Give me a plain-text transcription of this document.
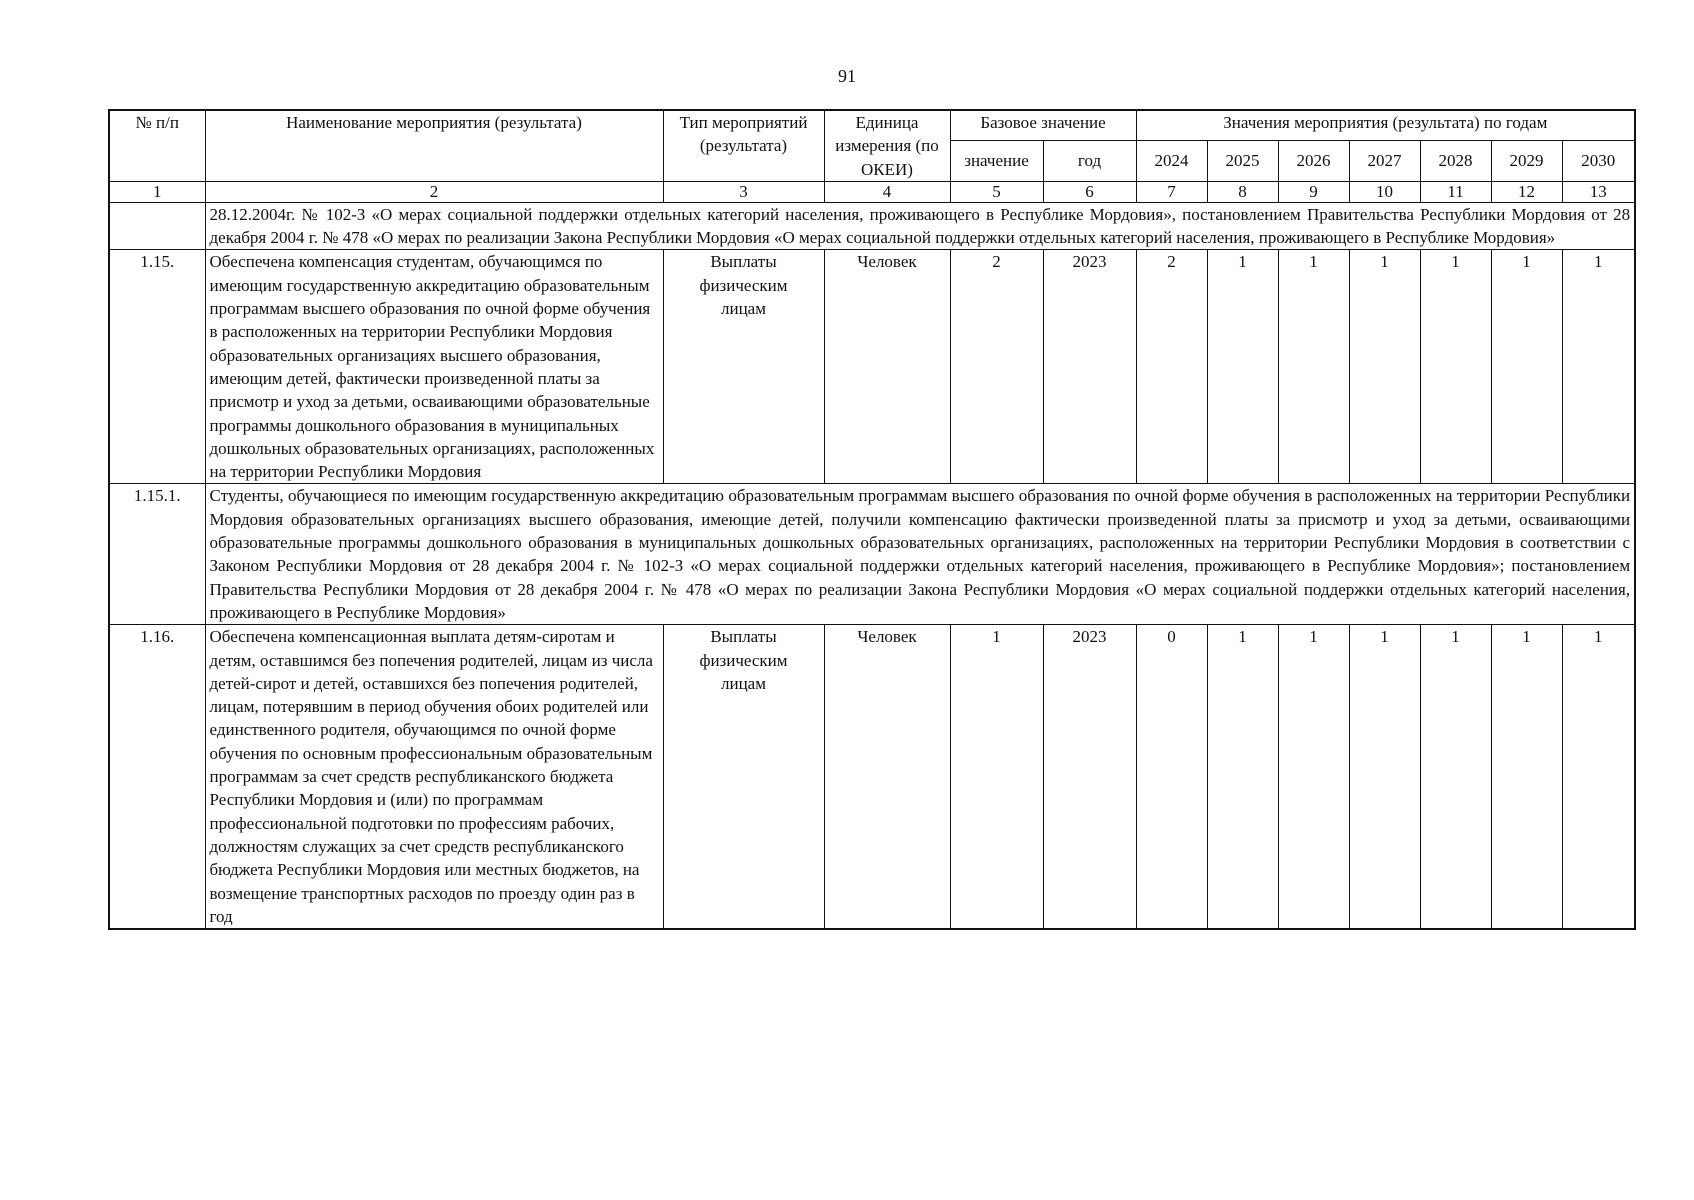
91
№ п/п	Наименование мероприятия (результата)	Тип мероприятий (результата)	Единица измерения (по ОКЕИ)	Базовое значение		Значения мероприятия (результата) по годам						
				значение	год	2024	2025	2026	2027	2028	2029	2030
1	2	3	4	5	6	7	8	9	10	11	12	13
	28.12.2004г. № 102-З «О мерах социальной поддержки отдельных категорий населения, проживающего в Республике Мордовия», постановлением Правительства Республики Мордовия от 28 декабря 2004 г. № 478 «О мерах по реализации Закона Республики Мордовия «О мерах социальной поддержки отдельных категорий населения, проживающего в Республике Мордовия»											
1.15.	Обеспечена компенсация студентам, обучающимся по имеющим государственную аккредитацию образовательным программам высшего образования по очной форме обучения в расположенных на территории Республики Мордовия образовательных организациях высшего образования, имеющим детей, фактически произведенной платы за присмотр и уход за детьми, осваивающими образовательные программы дошкольного образования в муниципальных дошкольных образовательных организациях, расположенных на территории Республики Мордовия	Выплаты физическим лицам	Человек	2	2023	2	1	1	1	1	1	1
1.15.1.	Студенты, обучающиеся по имеющим государственную аккредитацию образовательным программам высшего образования по очной форме обучения в расположенных на территории Республики Мордовия образовательных организациях высшего образования, имеющие детей, получили компенсацию фактически произведенной платы за присмотр и уход за детьми, осваивающими образовательные программы дошкольного образования в муниципальных дошкольных образовательных организациях, расположенных на территории Республики Мордовия в соответствии с Законом Республики Мордовия от 28 декабря 2004 г. № 102-З «О мерах социальной поддержки отдельных категорий населения, проживающего в Республике Мордовия»; постановлением Правительства Республики Мордовия от 28 декабря 2004 г. № 478 «О мерах по реализации Закона Республики Мордовия «О мерах социальной поддержки отдельных категорий населения, проживающего в Республике Мордовия»											
1.16.	Обеспечена компенсационная выплата детям-сиротам и детям, оставшимся без попечения родителей, лицам из числа детей-сирот и детей, оставшихся без попечения родителей, лицам, потерявшим в период обучения обоих родителей или единственного родителя, обучающимся по очной форме обучения по основным профессиональным образовательным программам за счет средств республиканского бюджета Республики Мордовия и (или) по программам профессиональной подготовки по профессиям рабочих, должностям служащих за счет средств республиканского бюджета Республики Мордовия или местных бюджетов, на возмещение транспортных расходов по проезду один раз в год	Выплаты физическим лицам	Человек	1	2023	0	1	1	1	1	1	1
